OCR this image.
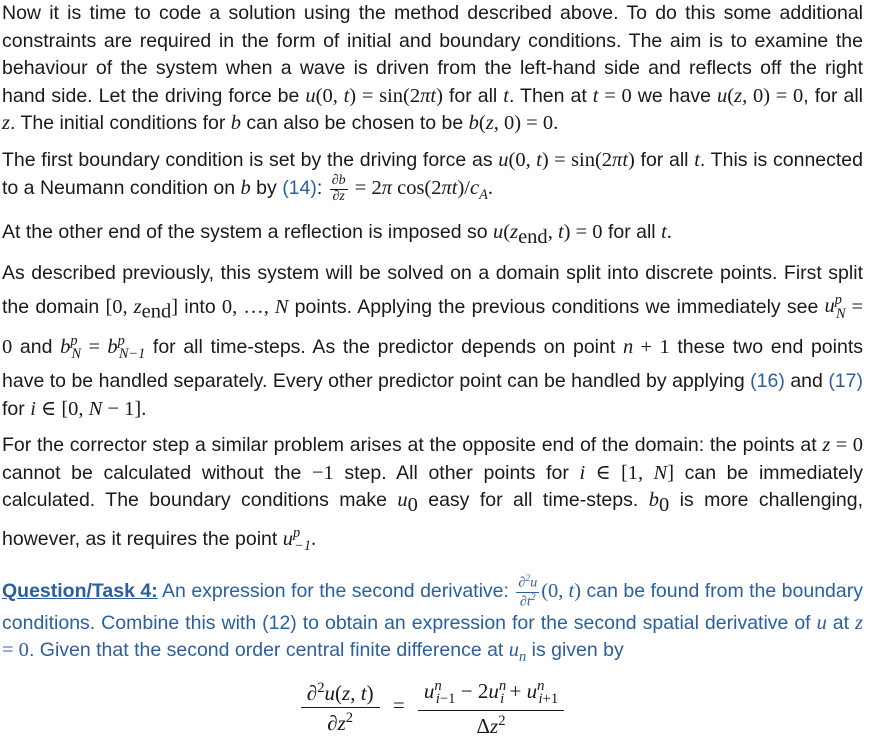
Now it is time to code a solution using the method described above. To do this some additional constraints are required in the form of initial and boundary conditions. The aim is to examine the behaviour of the system when a wave is driven from the left-hand side and reflects off the right hand side. Let the driving force be u(0, t) = sin(2πt) for all t. Then at t = 0 we have u(z, 0) = 0, for all z. The initial conditions for b can also be chosen to be b(z, 0) = 0.

The first boundary condition is set by the driving force as u(0, t) = sin(2πt) for all t. This is connected to a Neumann condition on b by (14): $\frac{\partial b}{\partial z} = 2\pi$ $\cos(2\pi t)/c_A$.

At the other end of the system a reflection is imposed so $u(z_{end}$, t) = 0 for all t.

As described previously, this system will be solved on a domain split into discrete points. First split the domain [0, $z_{end}$] into 0, …, N points. Applying the previous conditions we immediately see $u^p_N = 0$ and $b^p_N = b^p_{N-1}$ for all time-steps. As the predictor depends on point n + 1 these two end points have to be handled separately. Every other predictor point can be handled by applying (16) and (17) for i ∈ [0, N − 1].

For the corrector step a similar problem arises at the opposite end of the domain: the points at z = 0 cannot be calculated without the −1 step. All other points for i ∈ [1, N] can be immediately calculated. The boundary conditions make $u_0$ easy for all time-steps. $b_0$ is more challenging, however, as it requires the point $u^p_{-1}$.

Question/Task 4: An expression for the second derivative: $\frac{\partial^2u}{\partial t^2} (0$, t) can be found from the boundary conditions. Combine this with (12) to obtain an expression for the second spatial derivative of u at z = 0. Given that the second order central finite difference at $u_n$ is given by

$\frac{\partial^2u(z, t)}{\partial z^2} = \frac{u^n_{i-1} - 2u^n_i + u^n_{i+1}}{\Delta z^2}$
